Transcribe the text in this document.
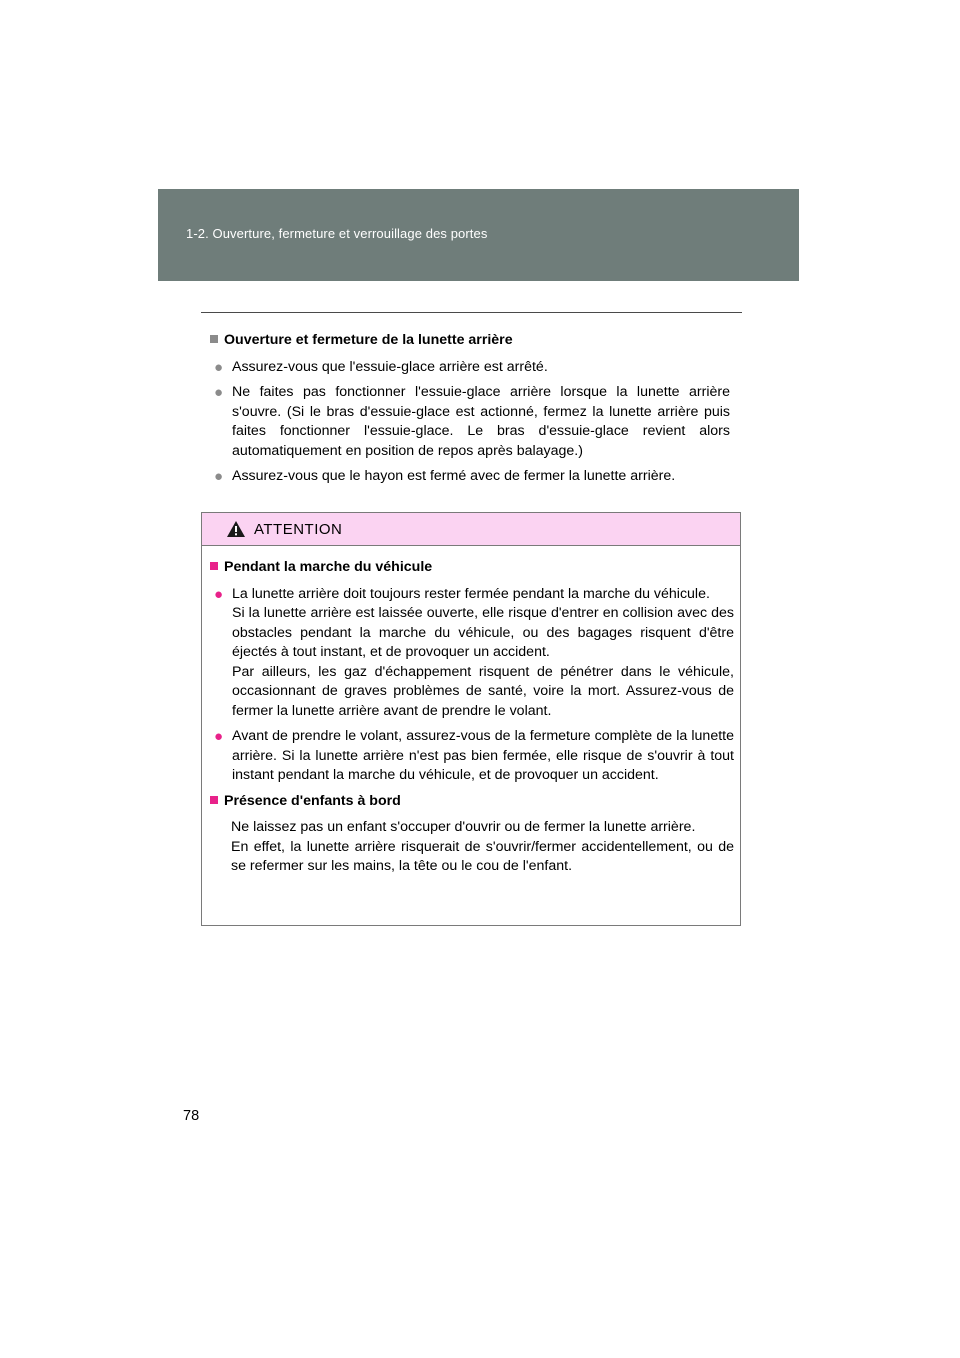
1-2. Ouverture, fermeture et verrouillage des portes
Ouverture et fermeture de la lunette arrière
● Assurez-vous que l'essuie-glace arrière est arrêté.
● Ne faites pas fonctionner l'essuie-glace arrière lorsque la lunette arrière s'ouvre. (Si le bras d'essuie-glace est actionné, fermez la lunette arrière puis faites fonctionner l'essuie-glace. Le bras d'essuie-glace revient alors automatiquement en position de repos après balayage.)
● Assurez-vous que le hayon est fermé avec de fermer la lunette arrière.
ATTENTION
Pendant la marche du véhicule
● La lunette arrière doit toujours rester fermée pendant la marche du véhicule.

Si la lunette arrière est laissée ouverte, elle risque d'entrer en collision avec des obstacles pendant la marche du véhicule, ou des bagages risquent d'être éjectés à tout instant, et de provoquer un accident.

Par ailleurs, les gaz d'échappement risquent de pénétrer dans le véhicule, occasionnant de graves problèmes de santé, voire la mort. Assurez-vous de fermer la lunette arrière avant de prendre le volant.

● Avant de prendre le volant, assurez-vous de la fermeture complète de la lunette arrière. Si la lunette arrière n'est pas bien fermée, elle risque de s'ouvrir à tout instant pendant la marche du véhicule, et de provoquer un accident.
Présence d'enfants à bord

Ne laissez pas un enfant s'occuper d'ouvrir ou de fermer la lunette arrière.

En effet, la lunette arrière risquerait de s'ouvrir/fermer accidentellement, ou de se refermer sur les mains, la tête ou le cou de l'enfant.

78
